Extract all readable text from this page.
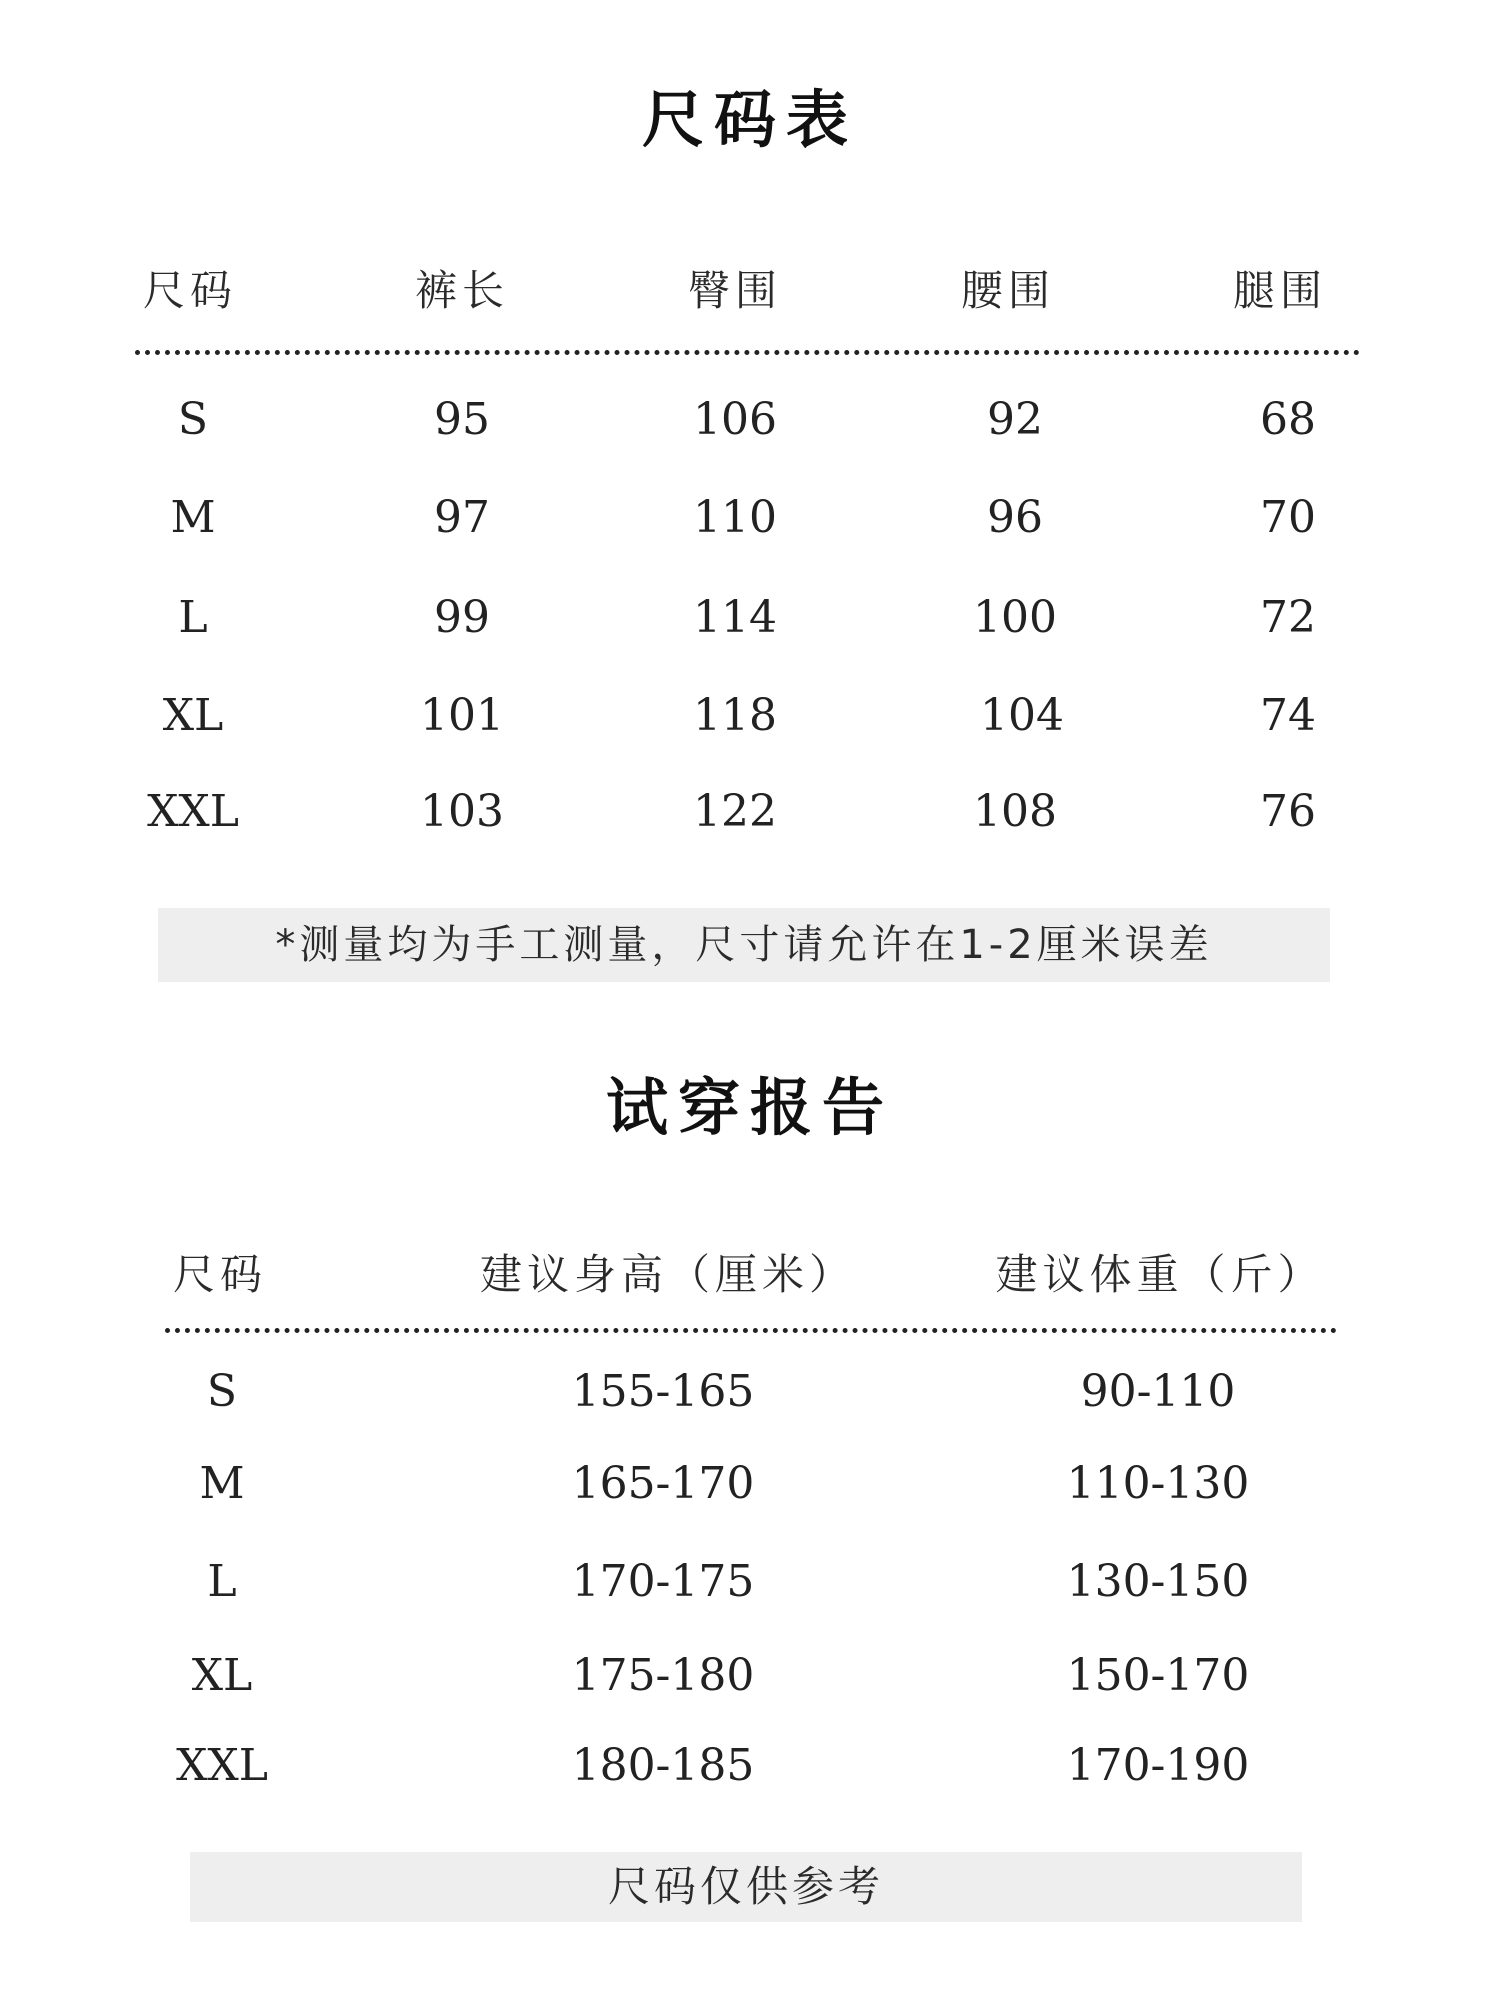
尺码表
尺码	裤长	臀围	腰围	腿围
S	95	106	92	68
M	97	110	96	70
L	99	114	100	72
XL	101	118	104	74
XXL	103	122	108	76
*测量均为手工测量，尺寸请允许在1-2厘米误差
试穿报告
尺码	建议身高（厘米）	建议体重（斤）
S	155-165	90-110
M	165-170	110-130
L	170-175	130-150
XL	175-180	150-170
XXL	180-185	170-190
尺码仅供参考
